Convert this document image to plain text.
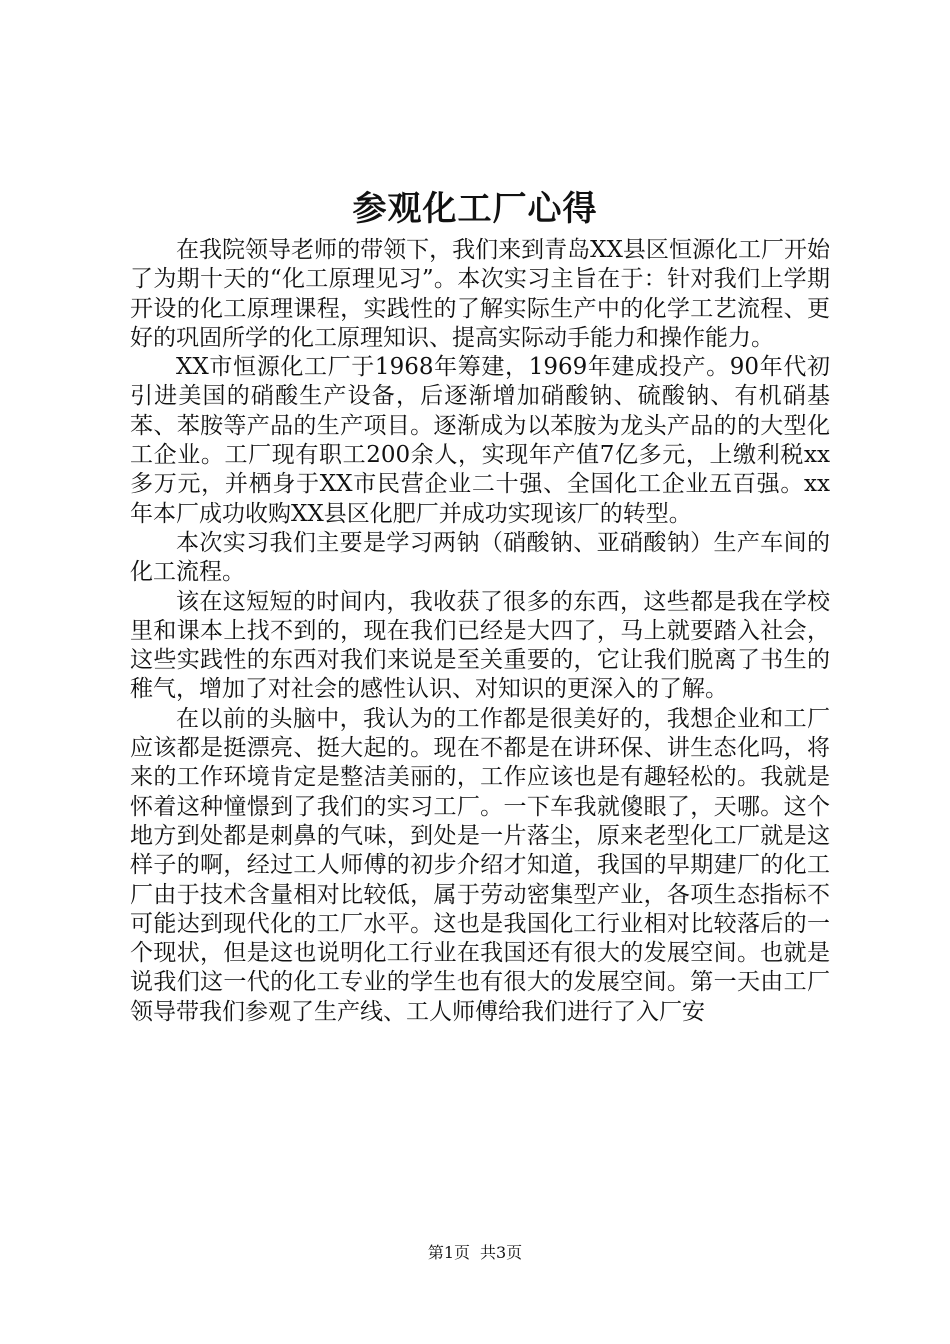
参观化工厂心得

在我院领导老师的带领下，我们来到青岛XX县区恒源化工厂开始了为期十天的“化工原理见习”。本次实习主旨在于：针对我们上学期开设的化工原理课程，实践性的了解实际生产中的化学工艺流程、更好的巩固所学的化工原理知识、提高实际动手能力和操作能力。

XX市恒源化工厂于1968年筹建，1969年建成投产。90年代初引进美国的硝酸生产设备，后逐渐增加硝酸钠、硫酸钠、有机硝基苯、苯胺等产品的生产项目。逐渐成为以苯胺为龙头产品的的大型化工企业。工厂现有职工200余人，实现年产值7亿多元，上缴利税xx多万元，并栖身于XX市民营企业二十强、全国化工企业五百强。xx年本厂成功收购XX县区化肥厂并成功实现该厂的转型。

本次实习我们主要是学习两钠（硝酸钠、亚硝酸钠）生产车间的化工流程。

该在这短短的时间内，我收获了很多的东西，这些都是我在学校里和课本上找不到的，现在我们已经是大四了，马上就要踏入社会，这些实践性的东西对我们来说是至关重要的，它让我们脱离了书生的稚气，增加了对社会的感性认识、对知识的更深入的了解。

在以前的头脑中，我认为的工作都是很美好的，我想企业和工厂应该都是挺漂亮、挺大起的。现在不都是在讲环保、讲生态化吗，将来的工作环境肯定是整洁美丽的，工作应该也是有趣轻松的。我就是怀着这种憧憬到了我们的实习工厂。一下车我就傻眼了，天哪。这个地方到处都是刺鼻的气味，到处是一片落尘，原来老型化工厂就是这样子的啊，经过工人师傅的初步介绍才知道，我国的早期建厂的化工厂由于技术含量相对比较低，属于劳动密集型产业，各项生态指标不可能达到现代化的工厂水平。这也是我国化工行业相对比较落后的一个现状，但是这也说明化工行业在我国还有很大的发展空间。也就是说我们这一代的化工专业的学生也有很大的发展空间。第一天由工厂领导带我们参观了生产线、工人师傅给我们进行了入厂安

第1页 共3页
